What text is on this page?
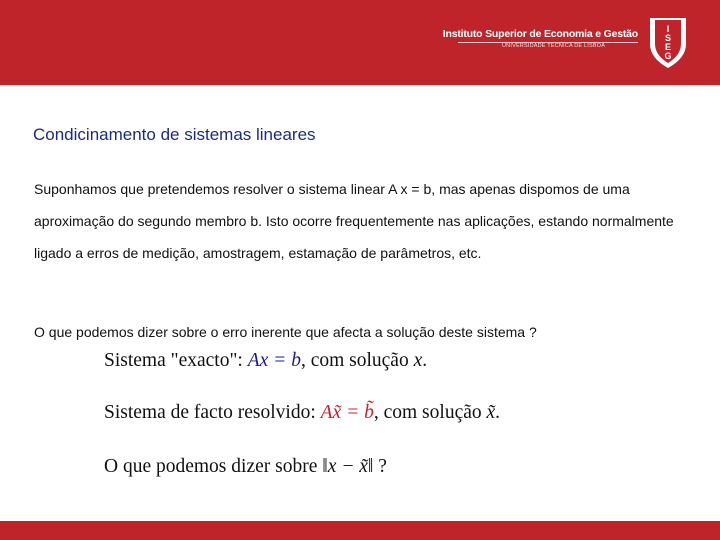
Instituto Superior de Economia e Gestão
UNIVERSIDADE TÉCNICA DE LISBOA
I
S
E
G
Condicinamento de sistemas lineares
Suponhamos que pretendemos resolver o sistema linear A x = b, mas apenas dispomos de uma aproximação do segundo membro b. Isto ocorre frequentemente nas aplicações, estando normalmente ligado a erros de medição, amostragem, estamação de parâmetros, etc.
O que podemos dizer sobre o erro inerente que afecta a solução deste sistema ?
Sistema "exacto": Ax = b, com solução x.
Sistema de facto resolvido: Ax̃ = b̃, com solução x̃.
O que podemos dizer sobre ‖x − x̃‖ ?
